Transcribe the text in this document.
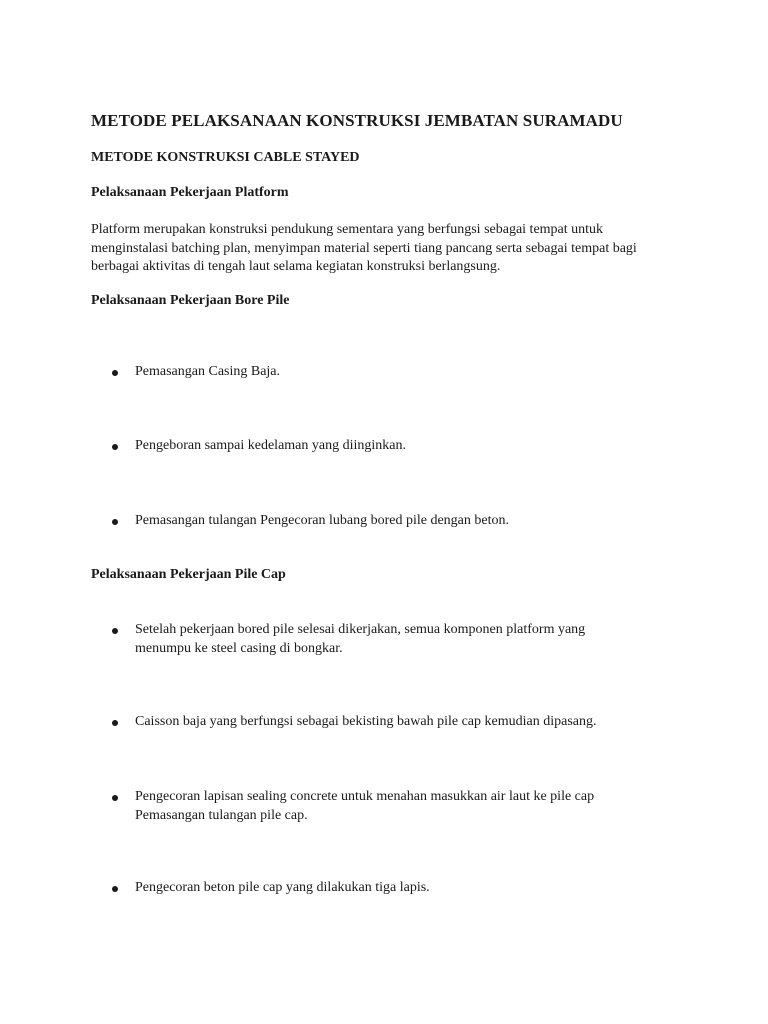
METODE PELAKSANAAN KONSTRUKSI JEMBATAN SURAMADU
METODE KONSTRUKSI CABLE STAYED
Pelaksanaan Pekerjaan Platform
Platform merupakan konstruksi pendukung sementara yang berfungsi sebagai tempat untuk
menginstalasi batching plan, menyimpan material seperti tiang pancang serta sebagai tempat bagi
berbagai aktivitas di tengah laut selama kegiatan konstruksi berlangsung.
Pelaksanaan Pekerjaan Bore Pile
Pemasangan Casing Baja.
Pengeboran sampai kedelaman yang diinginkan.
Pemasangan tulangan Pengecoran lubang bored pile dengan beton.
Pelaksanaan Pekerjaan Pile Cap
Setelah pekerjaan bored pile selesai dikerjakan, semua komponen platform yang
menumpu ke steel casing di bongkar.
Caisson baja yang berfungsi sebagai bekisting bawah pile cap kemudian dipasang.
Pengecoran lapisan sealing concrete untuk menahan masukkan air laut ke pile cap
Pemasangan tulangan pile cap.
Pengecoran beton pile cap yang dilakukan tiga lapis.
